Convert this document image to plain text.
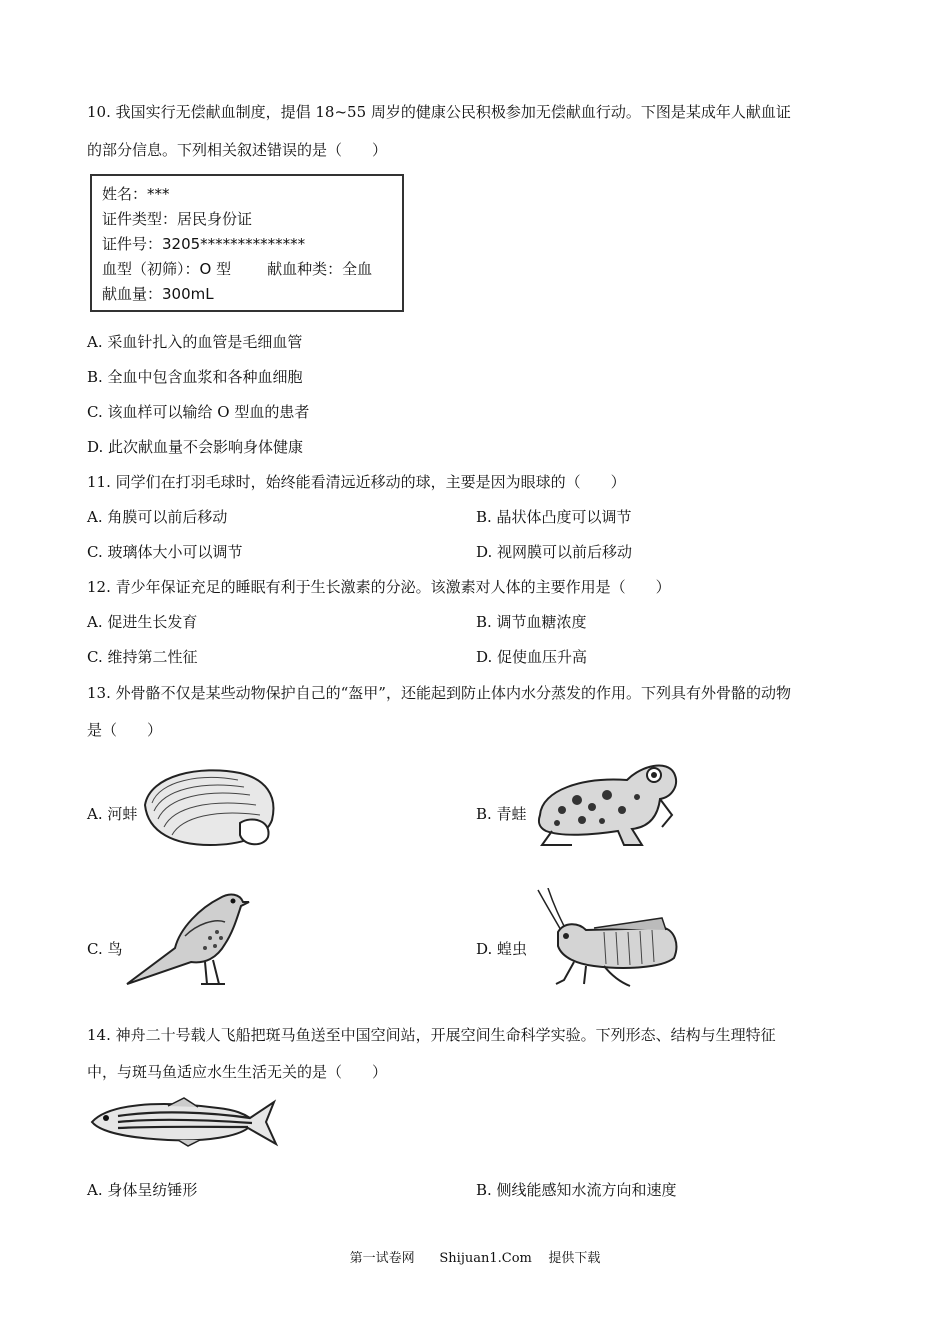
10. 我国实行无偿献血制度，提倡 18~55 周岁的健康公民积极参加无偿献血行动。下图是某成年人献血证
的部分信息。下列相关叙述错误的是（　　）
姓名：***
证件类型：居民身份证
证件号：3205**************
血型（初筛）：O 型 献血种类：全血
献血量：300mL
A. 采血针扎入的血管是毛细血管
B. 全血中包含血浆和各种血细胞
C. 该血样可以输给 O 型血的患者
D. 此次献血量不会影响身体健康
11. 同学们在打羽毛球时，始终能看清远近移动的球，主要是因为眼球的（　　）
A. 角膜可以前后移动	B. 晶状体凸度可以调节
C. 玻璃体大小可以调节	D. 视网膜可以前后移动
12. 青少年保证充足的睡眠有利于生长激素的分泌。该激素对人体的主要作用是（　　）
A. 促进生长发育	B. 调节血糖浓度
C. 维持第二性征	D. 促使血压升高
13. 外骨骼不仅是某些动物保护自己的“盔甲”，还能起到防止体内水分蒸发的作用。下列具有外骨骼的动物
是（　　）
A. 河蚌	B. 青蛙
C. 鸟	D. 蝗虫
14. 神舟二十号载人飞船把斑马鱼送至中国空间站，开展空间生命科学实验。下列形态、结构与生理特征
中，与斑马鱼适应水生生活无关的是（　　）
A. 身体呈纺锤形	B. 侧线能感知水流方向和速度
第一试卷网      Shijuan1.Com    提供下载
